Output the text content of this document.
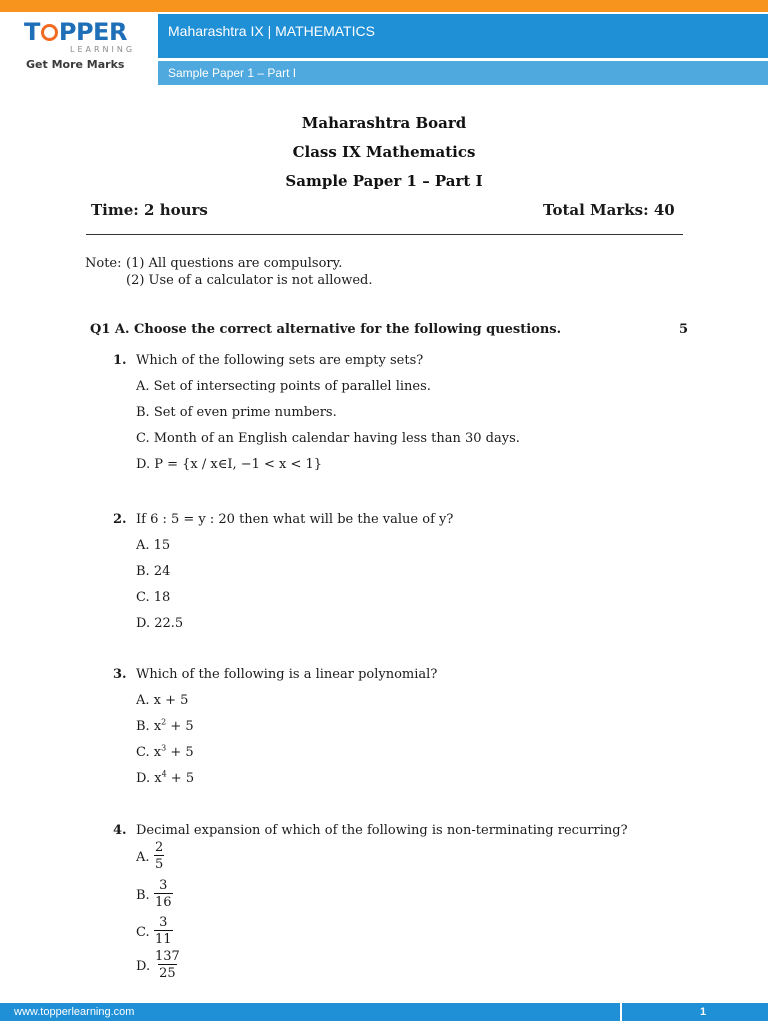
T PPER
LEARNING
Get More Marks
Maharashtra IX | MATHEMATICS
Sample Paper 1 – Part I
Maharashtra Board
Class IX Mathematics
Sample Paper 1 – Part I
Time: 2 hours	Total Marks: 40
Note: (1) All questions are compulsory.
(2) Use of a calculator is not allowed.
Q1 A. Choose the correct alternative for the following questions.	5
1. Which of the following sets are empty sets?
A. Set of intersecting points of parallel lines.
B. Set of even prime numbers.
C. Month of an English calendar having less than 30 days.
D. P = {x / x∈I, −1 < x < 1}
2. If 6 : 5 = y : 20 then what will be the value of y?
A. 15
B. 24
C. 18
D. 22.5
3. Which of the following is a linear polynomial?
A. x + 5
B. $x^2 + 5$
C. $x^3 + 5$
D. $x^4 + 5$
4. Decimal expansion of which of the following is non-terminating recurring?
A. $\frac{2}{5}$
B. $\frac{3}{16}$
C. $\frac{3}{11}$
D. $\frac{137}{25}$
www.topperlearning.com	1
